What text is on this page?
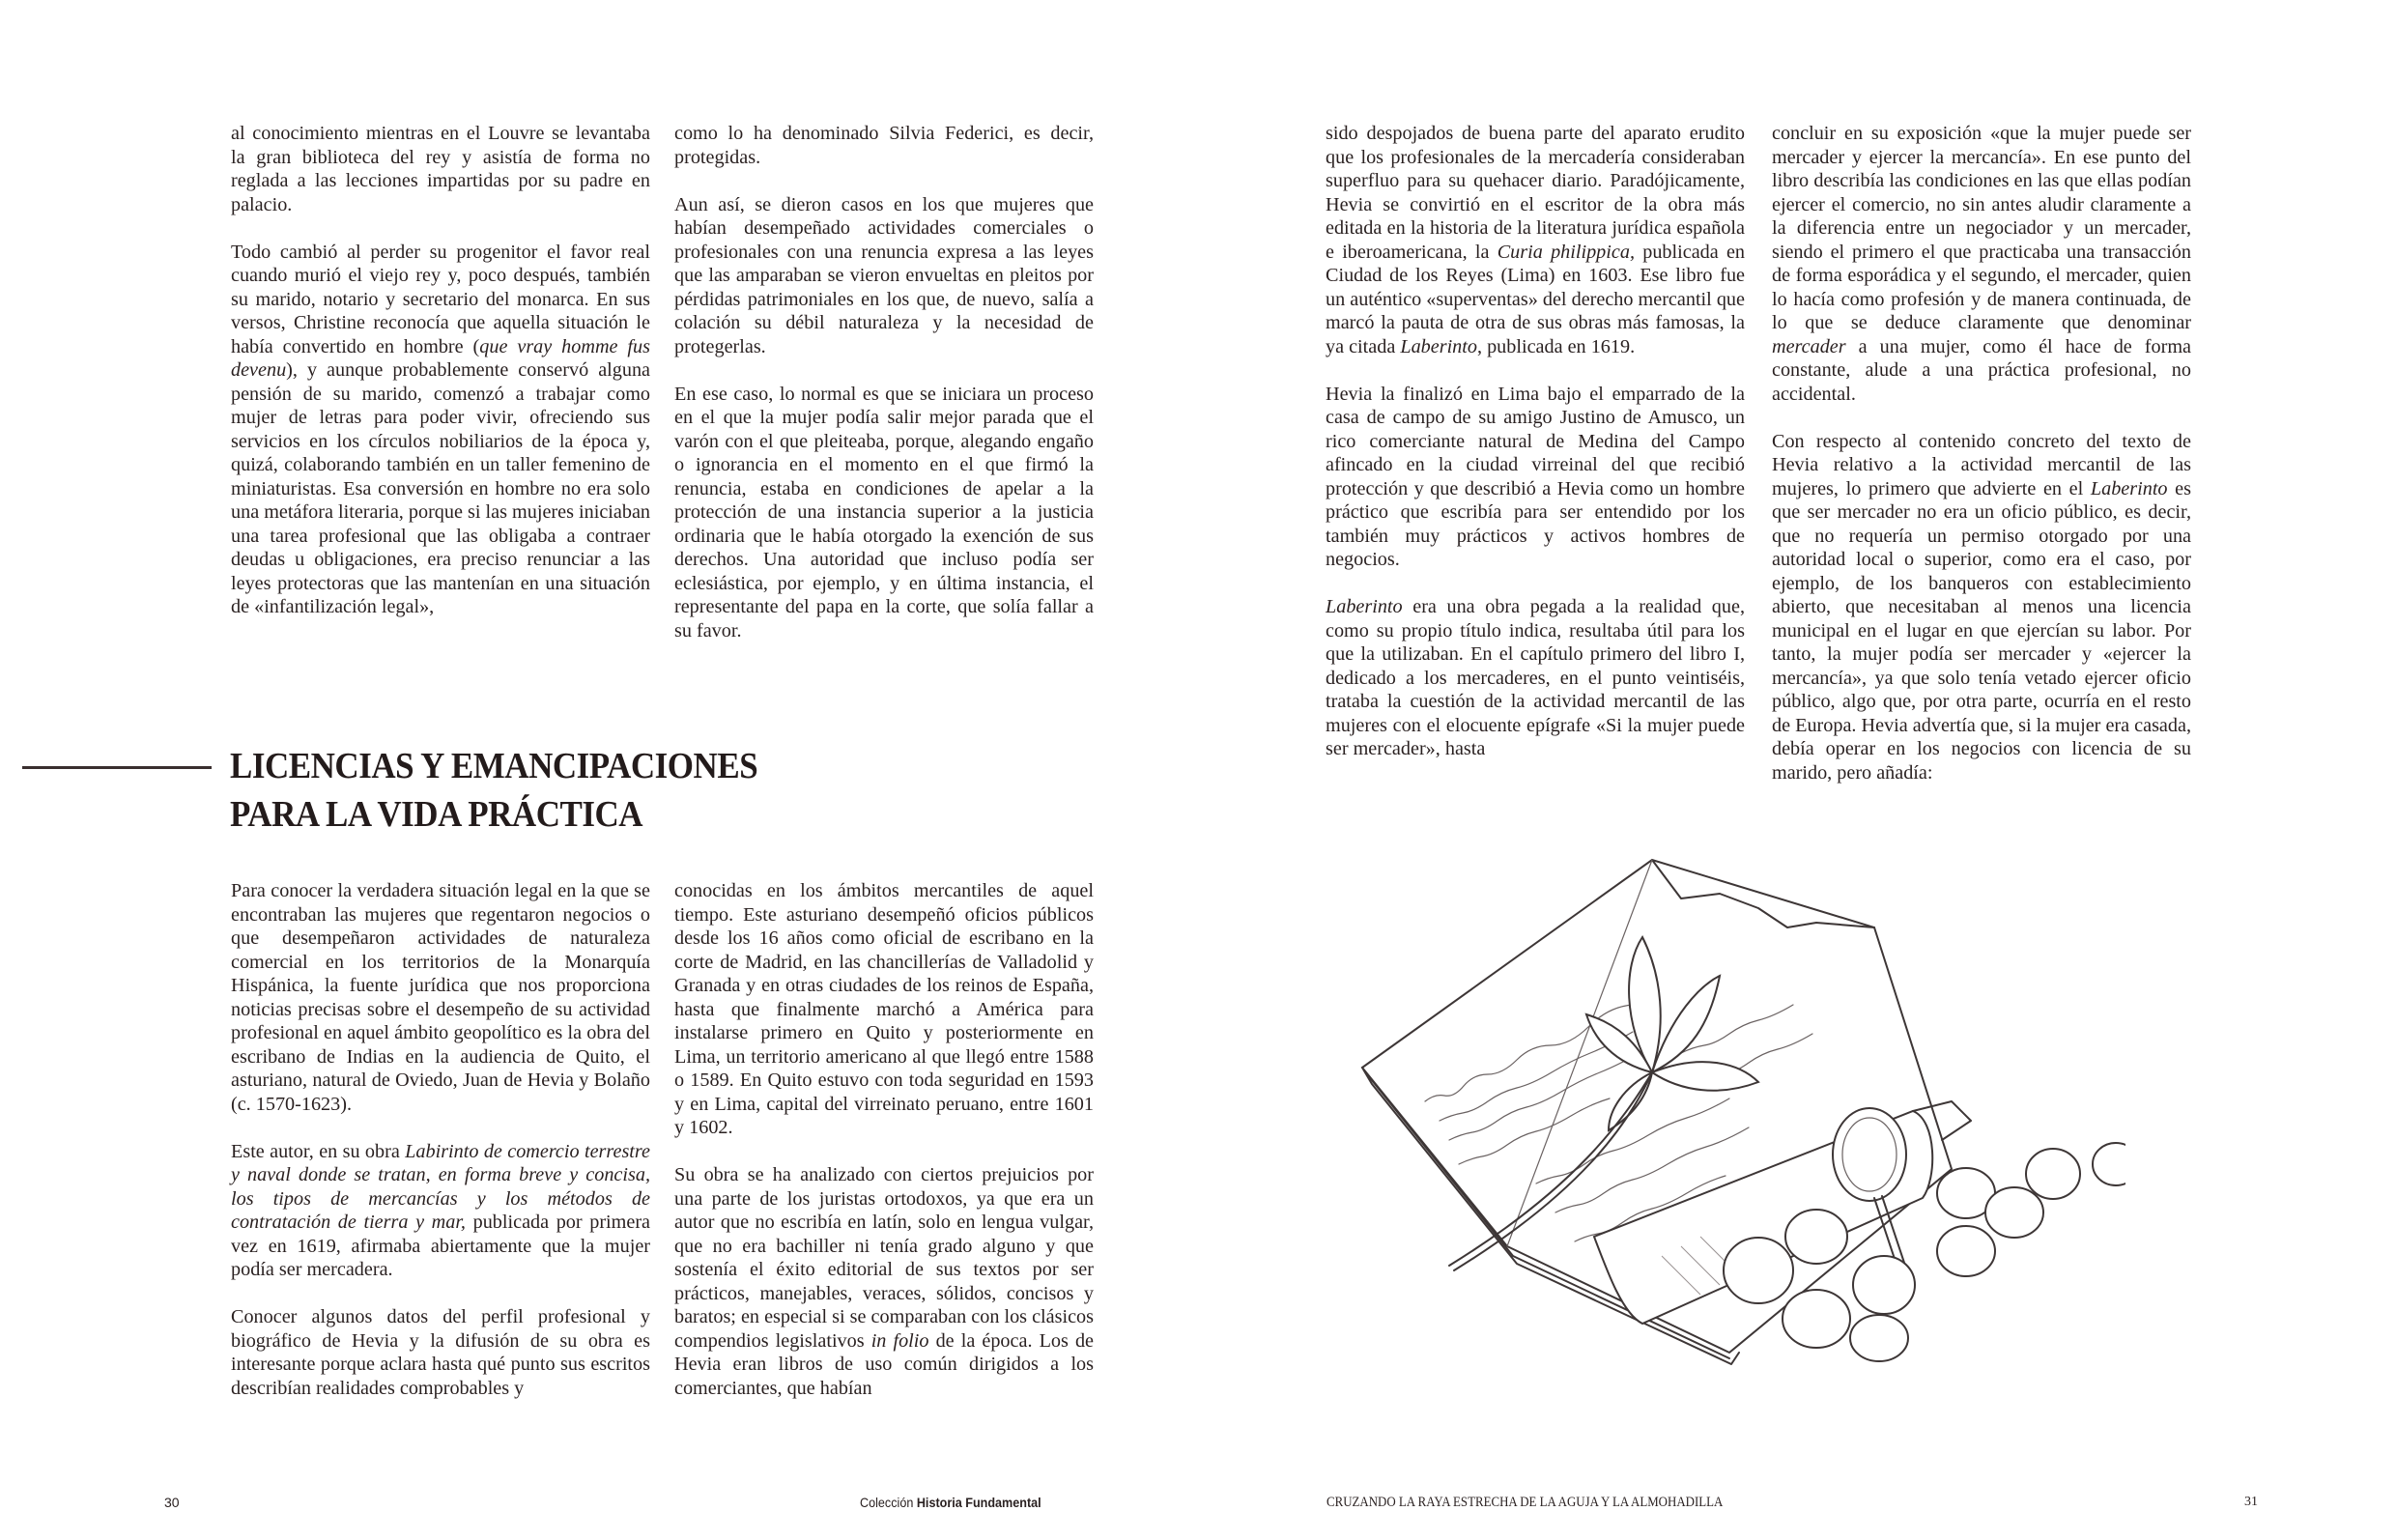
al conocimiento mientras en el Louvre se levantaba la gran biblioteca del rey y asistía de forma no reglada a las lecciones impartidas por su padre en palacio.

Todo cambió al perder su progenitor el favor real cuando murió el viejo rey y, poco después, también su marido, notario y secretario del monarca. En sus versos, Christine reconocía que aquella situación le había convertido en hombre (que vray homme fus devenu), y aunque probablemente conservó alguna pensión de su marido, comenzó a trabajar como mujer de letras para poder vivir, ofreciendo sus servicios en los círculos nobiliarios de la época y, quizá, colaborando también en un taller femenino de miniaturistas. Esa conversión en hombre no era solo una metáfora literaria, porque si las mujeres iniciaban una tarea profesional que las obligaba a contraer deudas u obligaciones, era preciso renunciar a las leyes protectoras que las mantenían en una situación de «infantilización legal»,

como lo ha denominado Silvia Federici, es decir, protegidas.

Aun así, se dieron casos en los que mujeres que habían desempeñado actividades comerciales o profesionales con una renuncia expresa a las leyes que las amparaban se vieron envueltas en pleitos por pérdidas patrimoniales en los que, de nuevo, salía a colación su débil naturaleza y la necesidad de protegerlas.

En ese caso, lo normal es que se iniciara un proceso en el que la mujer podía salir mejor parada que el varón con el que pleiteaba, porque, alegando engaño o ignorancia en el momento en el que firmó la renuncia, estaba en condiciones de apelar a la protección de una instancia superior a la justicia ordinaria que le había otorgado la exención de sus derechos. Una autoridad que incluso podía ser eclesiástica, por ejemplo, y en última instancia, el representante del papa en la corte, que solía fallar a su favor.

LICENCIAS Y EMANCIPACIONES
PARA LA VIDA PRÁCTICA

Para conocer la verdadera situación legal en la que se encontraban las mujeres que regentaron negocios o que desempeñaron actividades de naturaleza comercial en los territorios de la Monarquía Hispánica, la fuente jurídica que nos proporciona noticias precisas sobre el desempeño de su actividad profesional en aquel ámbito geopolítico es la obra del escribano de Indias en la audiencia de Quito, el asturiano, natural de Oviedo, Juan de Hevia y Bolaño (c. 1570-1623).

Este autor, en su obra Labirinto de comercio terrestre y naval donde se tratan, en forma breve y concisa, los tipos de mercancías y los métodos de contratación de tierra y mar, publicada por primera vez en 1619, afirmaba abiertamente que la mujer podía ser mercadera.

Conocer algunos datos del perfil profesional y biográfico de Hevia y la difusión de su obra es interesante porque aclara hasta qué punto sus escritos describían realidades comprobables y

conocidas en los ámbitos mercantiles de aquel tiempo. Este asturiano desempeñó oficios públicos desde los 16 años como oficial de escribano en la corte de Madrid, en las chancillerías de Valladolid y Granada y en otras ciudades de los reinos de España, hasta que finalmente marchó a América para instalarse primero en Quito y posteriormente en Lima, un territorio americano al que llegó entre 1588 o 1589. En Quito estuvo con toda seguridad en 1593 y en Lima, capital del virreinato peruano, entre 1601 y 1602.

Su obra se ha analizado con ciertos prejuicios por una parte de los juristas ortodoxos, ya que era un autor que no escribía en latín, solo en lengua vulgar, que no era bachiller ni tenía grado alguno y que sostenía el éxito editorial de sus textos por ser prácticos, manejables, veraces, sólidos, concisos y baratos; en especial si se comparaban con los clásicos compendios legislativos in folio de la época. Los de Hevia eran libros de uso común dirigidos a los comerciantes, que habían

30	Colección Historia Fundamental

sido despojados de buena parte del aparato erudito que los profesionales de la mercadería consideraban superfluo para su quehacer diario. Paradójicamente, Hevia se convirtió en el escritor de la obra más editada en la historia de la literatura jurídica española e iberoamericana, la Curia philippica, publicada en Ciudad de los Reyes (Lima) en 1603. Ese libro fue un auténtico «superventas» del derecho mercantil que marcó la pauta de otra de sus obras más famosas, la ya citada Laberinto, publicada en 1619.

Hevia la finalizó en Lima bajo el emparrado de la casa de campo de su amigo Justino de Amusco, un rico comerciante natural de Medina del Campo afincado en la ciudad virreinal del que recibió protección y que describió a Hevia como un hombre práctico que escribía para ser entendido por los también muy prácticos y activos hombres de negocios.

Laberinto era una obra pegada a la realidad que, como su propio título indica, resultaba útil para los que la utilizaban. En el capítulo primero del libro I, dedicado a los mercaderes, en el punto veintiséis, trataba la cuestión de la actividad mercantil de las mujeres con el elocuente epígrafe «Si la mujer puede ser mercader», hasta

concluir en su exposición «que la mujer puede ser mercader y ejercer la mercancía». En ese punto del libro describía las condiciones en las que ellas podían ejercer el comercio, no sin antes aludir claramente a la diferencia entre un negociador y un mercader, siendo el primero el que practicaba una transacción de forma esporádica y el segundo, el mercader, quien lo hacía como profesión y de manera continuada, de lo que se deduce claramente que denominar mercader a una mujer, como él hace de forma constante, alude a una práctica profesional, no accidental.

Con respecto al contenido concreto del texto de Hevia relativo a la actividad mercantil de las mujeres, lo primero que advierte en el Laberinto es que ser mercader no era un oficio público, es decir, que no requería un permiso otorgado por una autoridad local o superior, como era el caso, por ejemplo, de los banqueros con establecimiento abierto, que necesitaban al menos una licencia municipal en el lugar en que ejercían su labor. Por tanto, la mujer podía ser mercader y «ejercer la mercancía», ya que solo tenía vetado ejercer oficio público, algo que, por otra parte, ocurría en el resto de Europa. Hevia advertía que, si la mujer era casada, debía operar en los negocios con licencia de su marido, pero añadía:

CRUZANDO LA RAYA ESTRECHA DE LA AGUJA Y LA ALMOHADILLA	31
